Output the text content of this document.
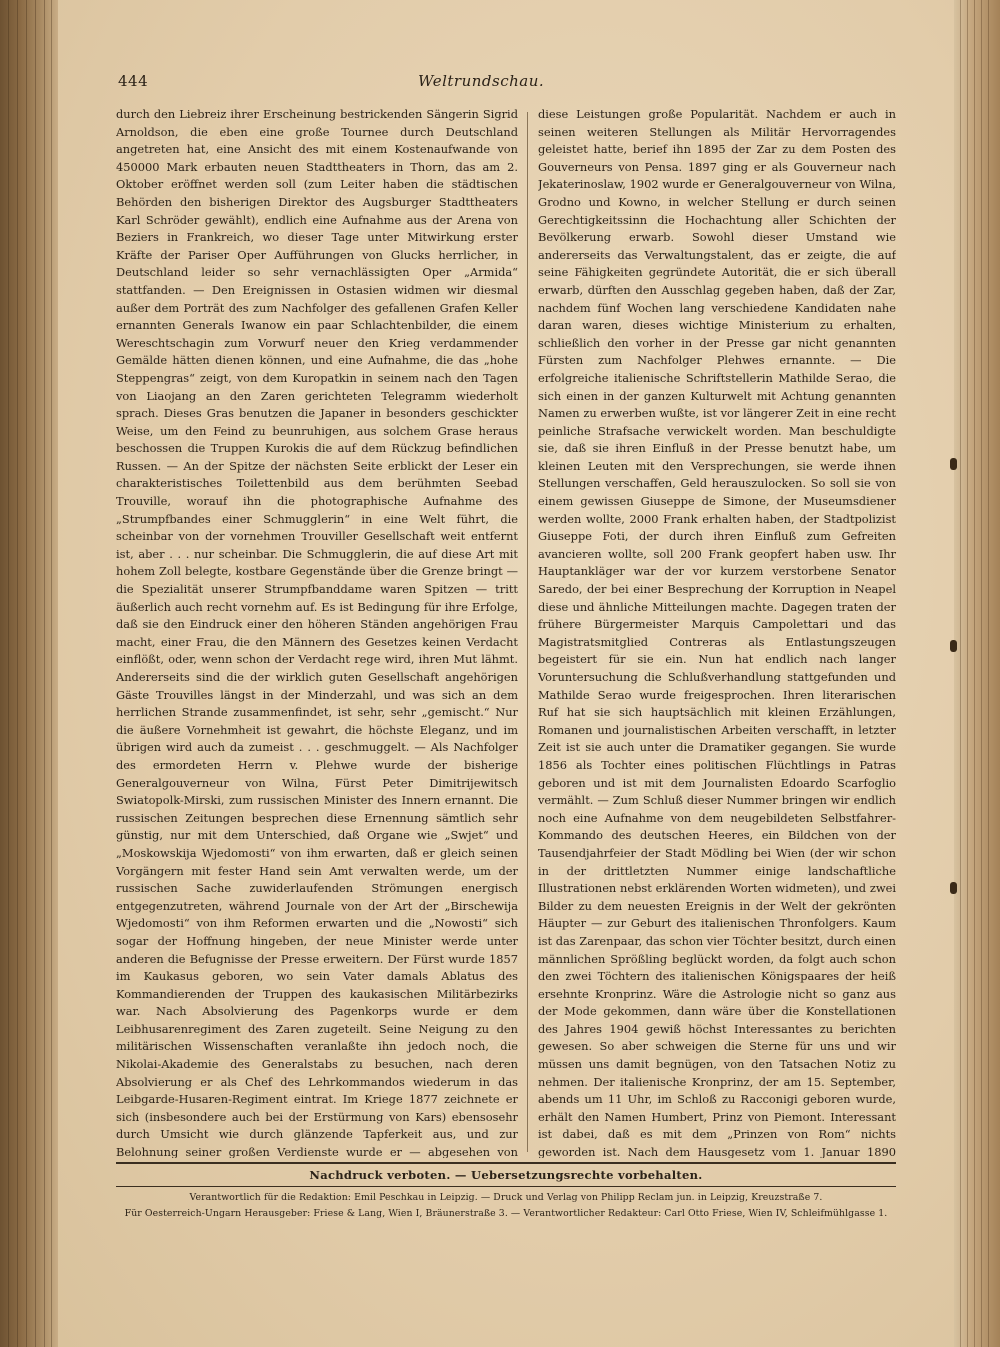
444	Weltrundschau.
durch den Liebreiz ihrer Erscheinung bestrickenden Sängerin Sigrid Arnoldson, die eben eine große Tournee durch Deutschland angetreten hat, eine Ansicht des mit einem Kostenaufwande von 450000 Mark erbauten neuen Stadttheaters in Thorn, das am 2. Oktober eröffnet werden soll (zum Leiter haben die städtischen Behörden den bisherigen Direktor des Augsburger Stadttheaters Karl Schröder gewählt), endlich eine Aufnahme aus der Arena von Beziers in Frankreich, wo dieser Tage unter Mitwirkung erster Kräfte der Pariser Oper Aufführungen von Glucks herrlicher, in Deutschland leider so sehr vernachlässigten Oper „Armida“ stattfanden. — Den Ereignissen in Ostasien widmen wir diesmal außer dem Porträt des zum Nachfolger des gefallenen Grafen Keller ernannten Generals Iwanow ein paar Schlachtenbilder, die einem Wereschtschagin zum Vorwurf neuer den Krieg verdammender Gemälde hätten dienen können, und eine Aufnahme, die das „hohe Steppengras“ zeigt, von dem Kuropatkin in seinem nach den Tagen von Liaojang an den Zaren gerichteten Telegramm wiederholt sprach. Dieses Gras benutzen die Japaner in besonders geschickter Weise, um den Feind zu beunruhigen, aus solchem Grase heraus beschossen die Truppen Kurokis die auf dem Rückzug befindlichen Russen. — An der Spitze der nächsten Seite erblickt der Leser ein charakteristisches Toilettenbild aus dem berühmten Seebad Trouville, worauf ihn die photographische Aufnahme des „Strumpfbandes einer Schmugglerin“ in eine Welt führt, die scheinbar von der vornehmen Trouviller Gesellschaft weit entfernt ist, aber . . . nur scheinbar. Die Schmugglerin, die auf diese Art mit hohem Zoll belegte, kostbare Gegenstände über die Grenze bringt — die Spezialität unserer Strumpfbanddame waren Spitzen — tritt äußerlich auch recht vornehm auf. Es ist Bedingung für ihre Erfolge, daß sie den Eindruck einer den höheren Ständen angehörigen Frau macht, einer Frau, die den Männern des Gesetzes keinen Verdacht einflößt, oder, wenn schon der Verdacht rege wird, ihren Mut lähmt. Andererseits sind die der wirklich guten Gesellschaft angehörigen Gäste Trouvilles längst in der Minderzahl, und was sich an dem herrlichen Strande zusammenfindet, ist sehr, sehr „gemischt.“ Nur die äußere Vornehmheit ist gewahrt, die höchste Eleganz, und im übrigen wird auch da zumeist . . . geschmuggelt. — Als Nachfolger des ermordeten Herrn v. Plehwe wurde der bisherige Generalgouverneur von Wilna, Fürst Peter Dimitrijewitsch Swiatopolk-Mirski, zum russischen Minister des Innern ernannt. Die russischen Zeitungen besprechen diese Ernennung sämtlich sehr günstig, nur mit dem Unterschied, daß Organe wie „Swjet“ und „Moskowskija Wjedomosti“ von ihm erwarten, daß er gleich seinen Vorgängern mit fester Hand sein Amt verwalten werde, um der russischen Sache zuwiderlaufenden Strömungen energisch entgegenzutreten, während Journale von der Art der „Birschewija Wjedomosti“ von ihm Reformen erwarten und die „Nowosti“ sich sogar der Hoffnung hingeben, der neue Minister werde unter anderen die Befugnisse der Presse erweitern. Der Fürst wurde 1857 im Kaukasus geboren, wo sein Vater damals Ablatus des Kommandierenden der Truppen des kaukasischen Militärbezirks war. Nach Absolvierung des Pagenkorps wurde er dem Leibhusarenregiment des Zaren zugeteilt. Seine Neigung zu den militärischen Wissenschaften veranlaßte ihn jedoch noch, die Nikolai-Akademie des Generalstabs zu besuchen, nach deren Absolvierung er als Chef des Lehrkommandos wiederum in das Leibgarde-Husaren-Regiment eintrat. Im Kriege 1877 zeichnete er sich (insbesondere auch bei der Erstürmung von Kars) ebensosehr durch Umsicht wie durch glänzende Tapferkeit aus, und zur Belohnung seiner großen Verdienste wurde er — abgesehen von
diese Leistungen große Popularität. Nachdem er auch in seinen weiteren Stellungen als Militär Hervorragendes geleistet hatte, berief ihn 1895 der Zar zu dem Posten des Gouverneurs von Pensa. 1897 ging er als Gouverneur nach Jekaterinoslaw, 1902 wurde er Generalgouverneur von Wilna, Grodno und Kowno, in welcher Stellung er durch seinen Gerechtigkeitssinn die Hochachtung aller Schichten der Bevölkerung erwarb. Sowohl dieser Umstand wie andererseits das Verwaltungstalent, das er zeigte, die auf seine Fähigkeiten gegründete Autorität, die er sich überall erwarb, dürften den Ausschlag gegeben haben, daß der Zar, nachdem fünf Wochen lang verschiedene Kandidaten nahe daran waren, dieses wichtige Ministerium zu erhalten, schließlich den vorher in der Presse gar nicht genannten Fürsten zum Nachfolger Plehwes ernannte. — Die erfolgreiche italienische Schriftstellerin Mathilde Serao, die sich einen in der ganzen Kulturwelt mit Achtung genannten Namen zu erwerben wußte, ist vor längerer Zeit in eine recht peinliche Strafsache verwickelt worden. Man beschuldigte sie, daß sie ihren Einfluß in der Presse benutzt habe, um kleinen Leuten mit den Versprechungen, sie werde ihnen Stellungen verschaffen, Geld herauszulocken. So soll sie von einem gewissen Giuseppe de Simone, der Museumsdiener werden wollte, 2000 Frank erhalten haben, der Stadtpolizist Giuseppe Foti, der durch ihren Einfluß zum Gefreiten avancieren wollte, soll 200 Frank geopfert haben usw. Ihr Hauptankläger war der vor kurzem verstorbene Senator Saredo, der bei einer Besprechung der Korruption in Neapel diese und ähnliche Mitteilungen machte. Dagegen traten der frühere Bürgermeister Marquis Campolettari und das Magistratsmitglied Contreras als Entlastungszeugen begeistert für sie ein. Nun hat endlich nach langer Voruntersuchung die Schlußverhandlung stattgefunden und Mathilde Serao wurde freigesprochen. Ihren literarischen Ruf hat sie sich hauptsächlich mit kleinen Erzählungen, Romanen und journalistischen Arbeiten verschafft, in letzter Zeit ist sie auch unter die Dramatiker gegangen. Sie wurde 1856 als Tochter eines politischen Flüchtlings in Patras geboren und ist mit dem Journalisten Edoardo Scarfoglio vermählt. — Zum Schluß dieser Nummer bringen wir endlich noch eine Aufnahme von dem neugebildeten Selbstfahrer-Kommando des deutschen Heeres, ein Bildchen von der Tausendjahrfeier der Stadt Mödling bei Wien (der wir schon in der drittletzten Nummer einige landschaftliche Illustrationen nebst erklärenden Worten widmeten), und zwei Bilder zu dem neuesten Ereignis in der Welt der gekrönten Häupter — zur Geburt des italienischen Thronfolgers. Kaum ist das Zarenpaar, das schon vier Töchter besitzt, durch einen männlichen Sprößling beglückt worden, da folgt auch schon den zwei Töchtern des italienischen Königspaares der heiß ersehnte Kronprinz. Wäre die Astrologie nicht so ganz aus der Mode gekommen, dann wäre über die Konstellationen des Jahres 1904 gewiß höchst Interessantes zu berichten gewesen. So aber schweigen die Sterne für uns und wir müssen uns damit begnügen, von den Tatsachen Notiz zu nehmen. Der italienische Kronprinz, der am 15. September, abends um 11 Uhr, im Schloß zu Racconigi geboren wurde, erhält den Namen Humbert, Prinz von Piemont. Interessant ist dabei, daß es mit dem „Prinzen von Rom“ nichts geworden ist. Nach dem Hausgesetz vom 1. Januar 1890
Nachdruck verboten. — Uebersetzungsrechte vorbehalten.
Verantwortlich für die Redaktion: Emil Peschkau in Leipzig. — Druck und Verlag von Philipp Reclam jun. in Leipzig, Kreuzstraße 7.
Für Oesterreich-Ungarn Herausgeber: Friese & Lang, Wien I, Bräunerstraße 3. — Verantwortlicher Redakteur: Carl Otto Friese, Wien IV, Schleifmühlgasse 1.
